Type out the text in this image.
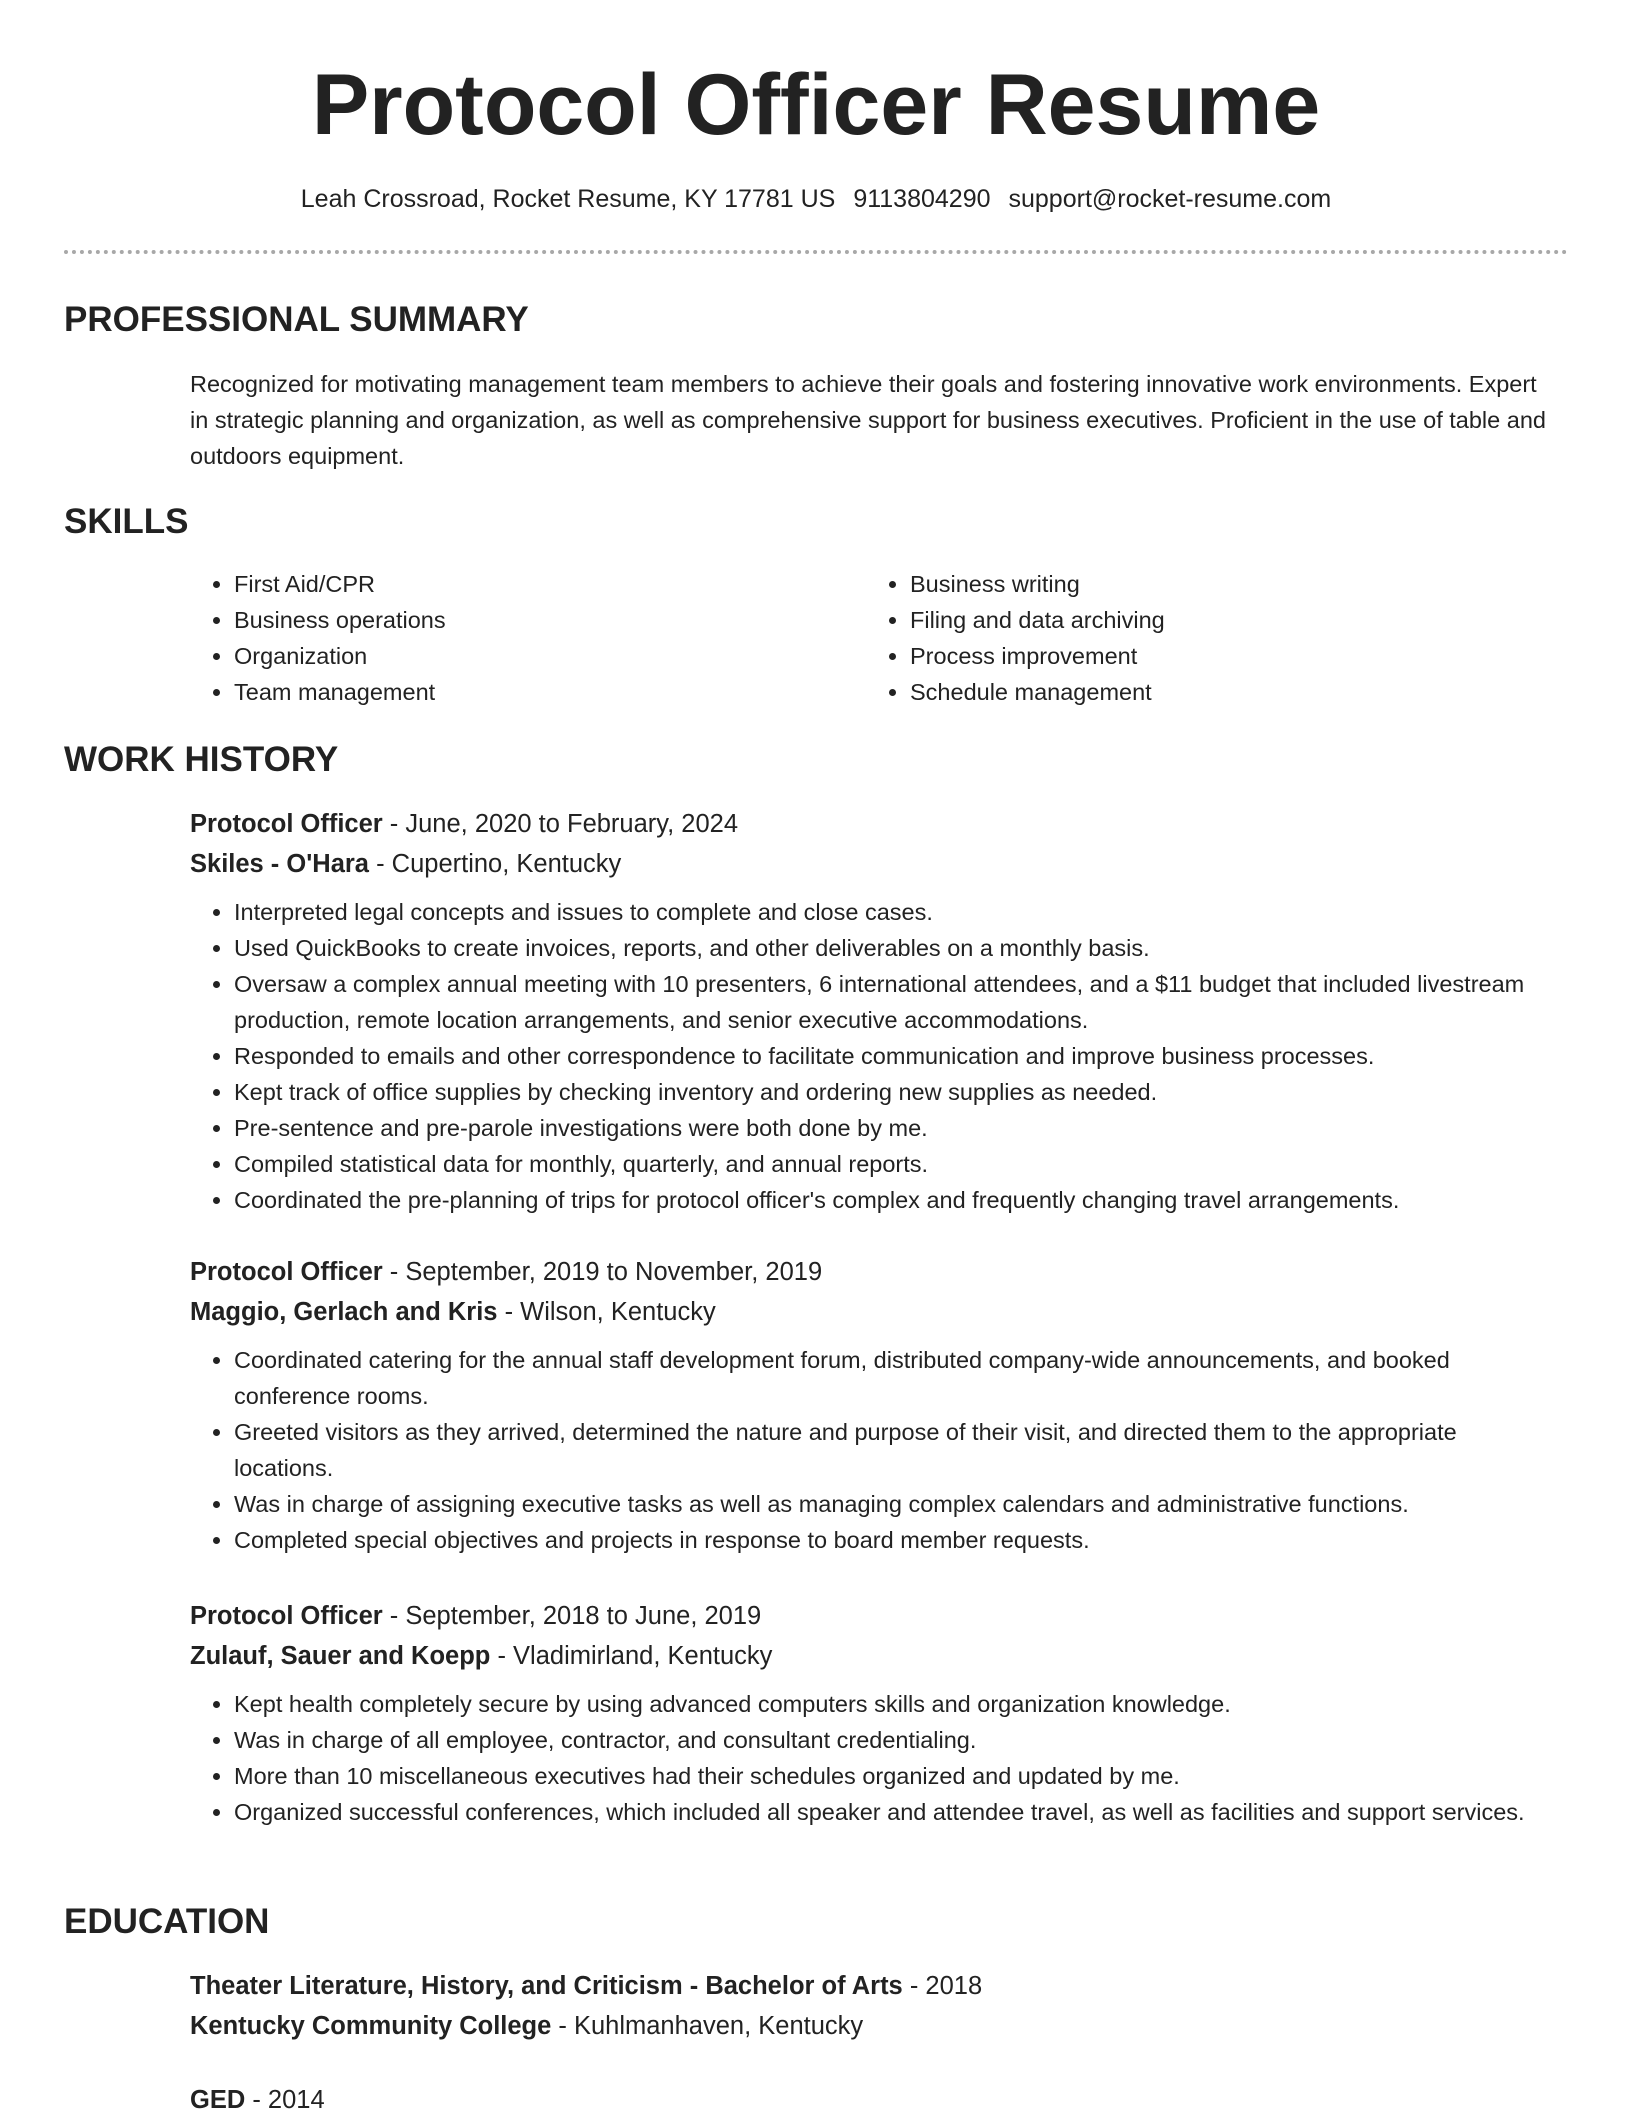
Protocol Officer Resume
Leah Crossroad, Rocket Resume, KY 17781 US 9113804290 support@rocket-resume.com
PROFESSIONAL SUMMARY

Recognized for motivating management team members to achieve their goals and fostering innovative work environments. Expert in strategic planning and organization, as well as comprehensive support for business executives. Proficient in the use of table and outdoors equipment.

SKILLS
• First Aid/CPR
• Business operations
• Organization
• Team management
• Business writing
• Filing and data archiving
• Process improvement
• Schedule management
WORK HISTORY

Protocol Officer - June, 2020 to February, 2024

Skiles - O'Hara - Cupertino, Kentucky

• Interpreted legal concepts and issues to complete and close cases.
• Used QuickBooks to create invoices, reports, and other deliverables on a monthly basis.
• Oversaw a complex annual meeting with 10 presenters, 6 international attendees, and a $11 budget that included livestream production, remote location arrangements, and senior executive accommodations.
• Responded to emails and other correspondence to facilitate communication and improve business processes.
• Kept track of office supplies by checking inventory and ordering new supplies as needed.
• Pre-sentence and pre-parole investigations were both done by me.
• Compiled statistical data for monthly, quarterly, and annual reports.
• Coordinated the pre-planning of trips for protocol officer's complex and frequently changing travel arrangements.

Protocol Officer - September, 2019 to November, 2019

Maggio, Gerlach and Kris - Wilson, Kentucky

• Coordinated catering for the annual staff development forum, distributed company-wide announcements, and booked conference rooms.
• Greeted visitors as they arrived, determined the nature and purpose of their visit, and directed them to the appropriate locations.
• Was in charge of assigning executive tasks as well as managing complex calendars and administrative functions.
• Completed special objectives and projects in response to board member requests.

Protocol Officer - September, 2018 to June, 2019

Zulauf, Sauer and Koepp - Vladimirland, Kentucky

• Kept health completely secure by using advanced computers skills and organization knowledge.
• Was in charge of all employee, contractor, and consultant credentialing.
• More than 10 miscellaneous executives had their schedules organized and updated by me.
• Organized successful conferences, which included all speaker and attendee travel, as well as facilities and support services.
EDUCATION

Theater Literature, History, and Criticism - Bachelor of Arts - 2018

Kentucky Community College - Kuhlmanhaven, Kentucky

GED - 2014
